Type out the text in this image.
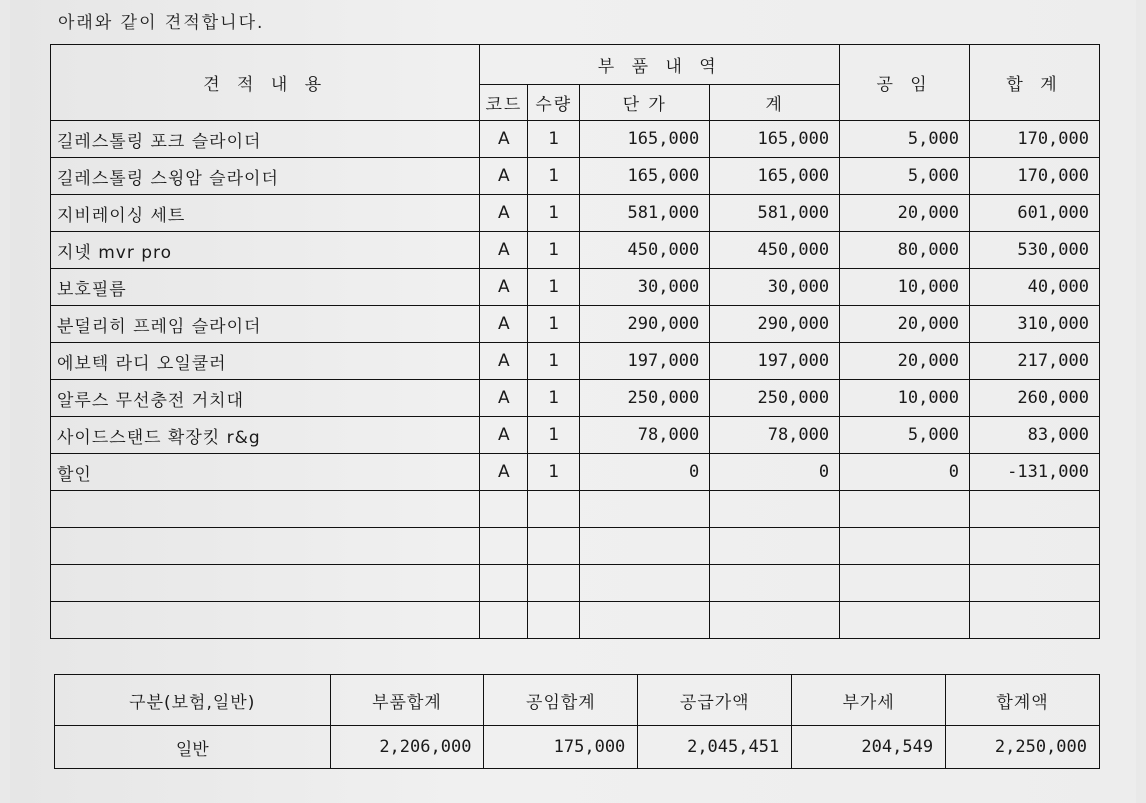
아래와 같이 견적합니다.
견 적 내 용	부 품 내 역				공 임	합 계
	코드	수량	단 가	계		
길레스톨링 포크 슬라이더	A	1	165,000	165,000	5,000	170,000
길레스톨링 스윙암 슬라이더	A	1	165,000	165,000	5,000	170,000
지비레이싱 세트	A	1	581,000	581,000	20,000	601,000
지넷 mvr pro	A	1	450,000	450,000	80,000	530,000
보호필름	A	1	30,000	30,000	10,000	40,000
분덜리히 프레임 슬라이더	A	1	290,000	290,000	20,000	310,000
에보텍 라디 오일쿨러	A	1	197,000	197,000	20,000	217,000
알루스 무선충전 거치대	A	1	250,000	250,000	10,000	260,000
사이드스탠드 확장킷 r&g	A	1	78,000	78,000	5,000	83,000
할인	A	1	0	0	0	-131,000

구분(보험,일반)	부품합계	공임합계	공급가액	부가세	합계액
일반	2,206,000	175,000	2,045,451	204,549	2,250,000
